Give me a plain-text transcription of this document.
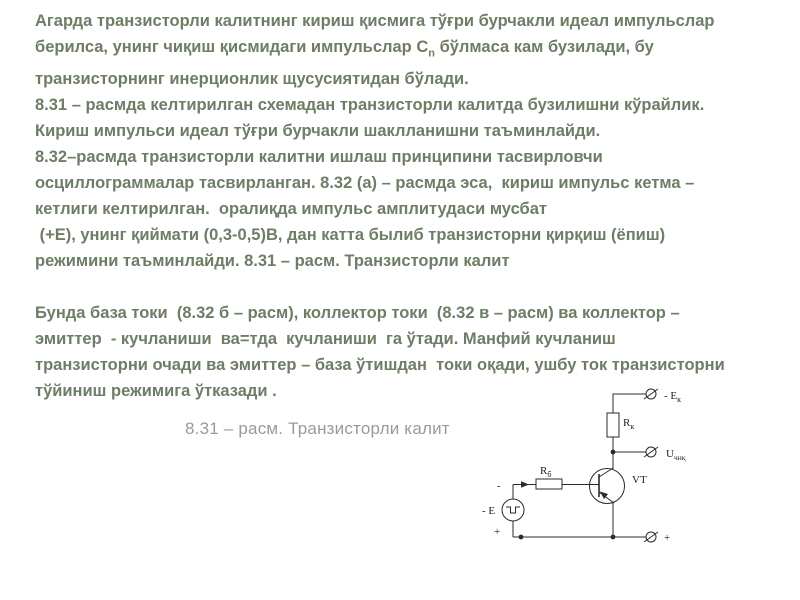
Агарда транзисторли калитнинг кириш қисмига тўғри бурчакли идеал импульслар берилса, унинг чиқиш қисмидаги импульслар $С_n$ бўлмаса кам бузилади, бу транзисторнинг инерционлик щусусиятидан бўлади.

8.31 – расмда келтирилган схемадан транзисторли калитда бузилишни кўрайлик. Кириш импульси идеал тўғри бурчакли шаклланишни таъминлайди.

8.32–расмда транзисторли калитни ишлаш принципини тасвирловчи осциллограммалар тасвирланган. 8.32 (а) – расмда эса,  кириш импульс кетма – кетлиги келтирилган.  оралиқда импульс амплитудаси мусбат

(+Е), унинг қиймати (0,3-0,5)В, дан катта былиб транзисторни қирқиш (ёпиш) режимини таъминлайди. 8.31 – расм. Транзисторли калит

Бунда база токи  (8.32 б – расм), коллектор токи  (8.32 в – расм) ва коллектор – эмиттер  - кучланиши  ва=тда  кучланиши  га ўтади. Манфий кучланиш транзисторни очади ва эмиттер – база ўтишдан  токи оқади, ушбу ток транзисторни тўйиниш режимига ўтказади .

8.31 – расм. Транзисторли калит
- $Е_к$
$R_к$
$U_{чиқ}$
VT
$R_б$
- Е
-
+	+
